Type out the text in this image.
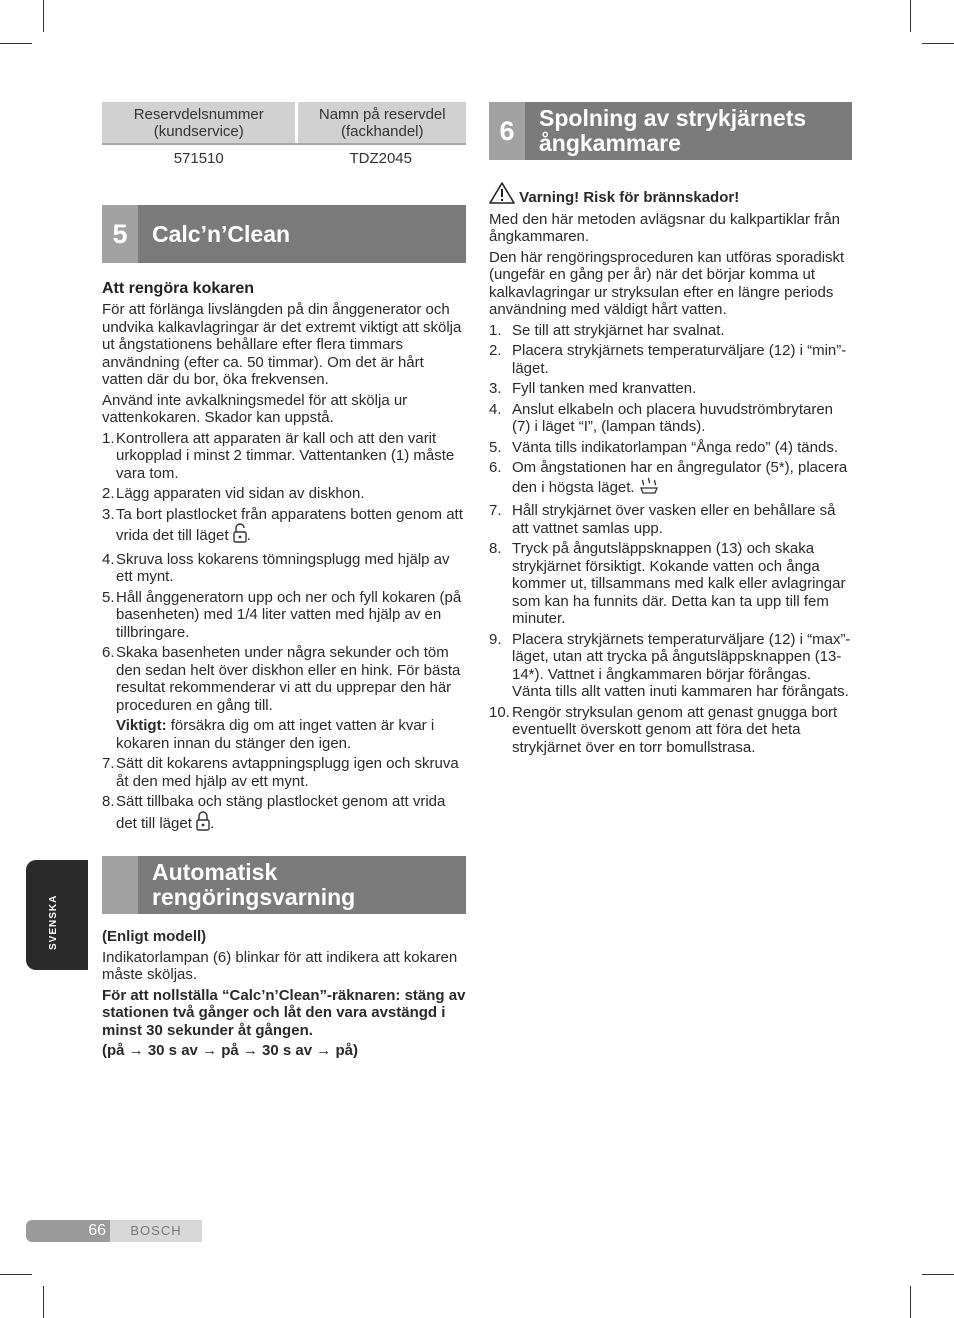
Reservdelsnummer (kundservice)	Namn på reservdel (fackhandel)
571510	TDZ2045
5	Calc’n’Clean
Att rengöra kokaren

För att förlänga livslängden på din ånggenerator och undvika kalkavlagringar är det extremt viktigt att skölja ut ångstationens behållare efter flera timmars användning (efter ca. 50 timmar). Om det är hårt vatten där du bor, öka frekvensen.

Använd inte avkalkningsmedel för att skölja ur vattenkokaren. Skador kan uppstå.

1. Kontrollera att apparaten är kall och att den varit urkopplad i minst 2 timmar. Vattentanken (1) måste vara tom.
2. Lägg apparaten vid sidan av diskhon.
3. Ta bort plastlocket från apparatens botten genom att vrida det till läget .
4. Skruva loss kokarens tömningsplugg med hjälp av ett mynt.
5. Håll ånggeneratorn upp och ner och fyll kokaren (på basenheten) med 1/4 liter vatten med hjälp av en tillbringare.
6. Skaka basenheten under några sekunder och töm den sedan helt över diskhon eller en hink. För bästa resultat rekommenderar vi att du upprepar den här proceduren en gång till.
Viktigt: försäkra dig om att inget vatten är kvar i kokaren innan du stänger den igen.
7. Sätt dit kokarens avtappningsplugg igen och skruva åt den med hjälp av ett mynt.
8. Sätt tillbaka och stäng plastlocket genom att vrida det till läget .
Automatisk rengöringsvarning

(Enligt modell)

Indikatorlampan (6) blinkar för att indikera att kokaren måste sköljas.

För att nollställa “Calc’n’Clean”-räknaren: stäng av stationen två gånger och låt den vara avstängd i minst 30 sekunder åt gången.

(på → 30 s av → på → 30 s av → på)

6	Spolning av strykjärnets ångkammare

Varning! Risk för brännskador!

Med den här metoden avlägsnar du kalkpartiklar från ångkammaren.

Den här rengöringsproceduren kan utföras sporadiskt (ungefär en gång per år) när det börjar komma ut kalkavlagringar ur stryksulan efter en längre periods användning med väldigt hårt vatten.

1. Se till att strykjärnet har svalnat.
2. Placera strykjärnets temperaturväljare (12) i “min”-läget.
3. Fyll tanken med kranvatten.
4. Anslut elkabeln och placera huvudströmbrytaren (7) i läget “I”, (lampan tänds).
5. Vänta tills indikatorlampan “Ånga redo” (4) tänds.
6. Om ångstationen har en ångregulator (5*), placera den i högsta läget.
7. Håll strykjärnet över vasken eller en behållare så att vattnet samlas upp.
8. Tryck på ångutsläppsknappen (13) och skaka strykjärnet försiktigt. Kokande vatten och ånga kommer ut, tillsammans med kalk eller avlagringar som kan ha funnits där. Detta kan ta upp till fem minuter.
9. Placera strykjärnets temperaturväljare (12) i “max”-läget, utan att trycka på ångutsläppsknappen (13-14*). Vattnet i ångkammaren börjar förångas. Vänta tills allt vatten inuti kammaren har förångats.
10. Rengör stryksulan genom att genast gnugga bort eventuellt överskott genom att föra det heta strykjärnet över en torr bomullstrasa.
SVENSKA
66	BOSCH
